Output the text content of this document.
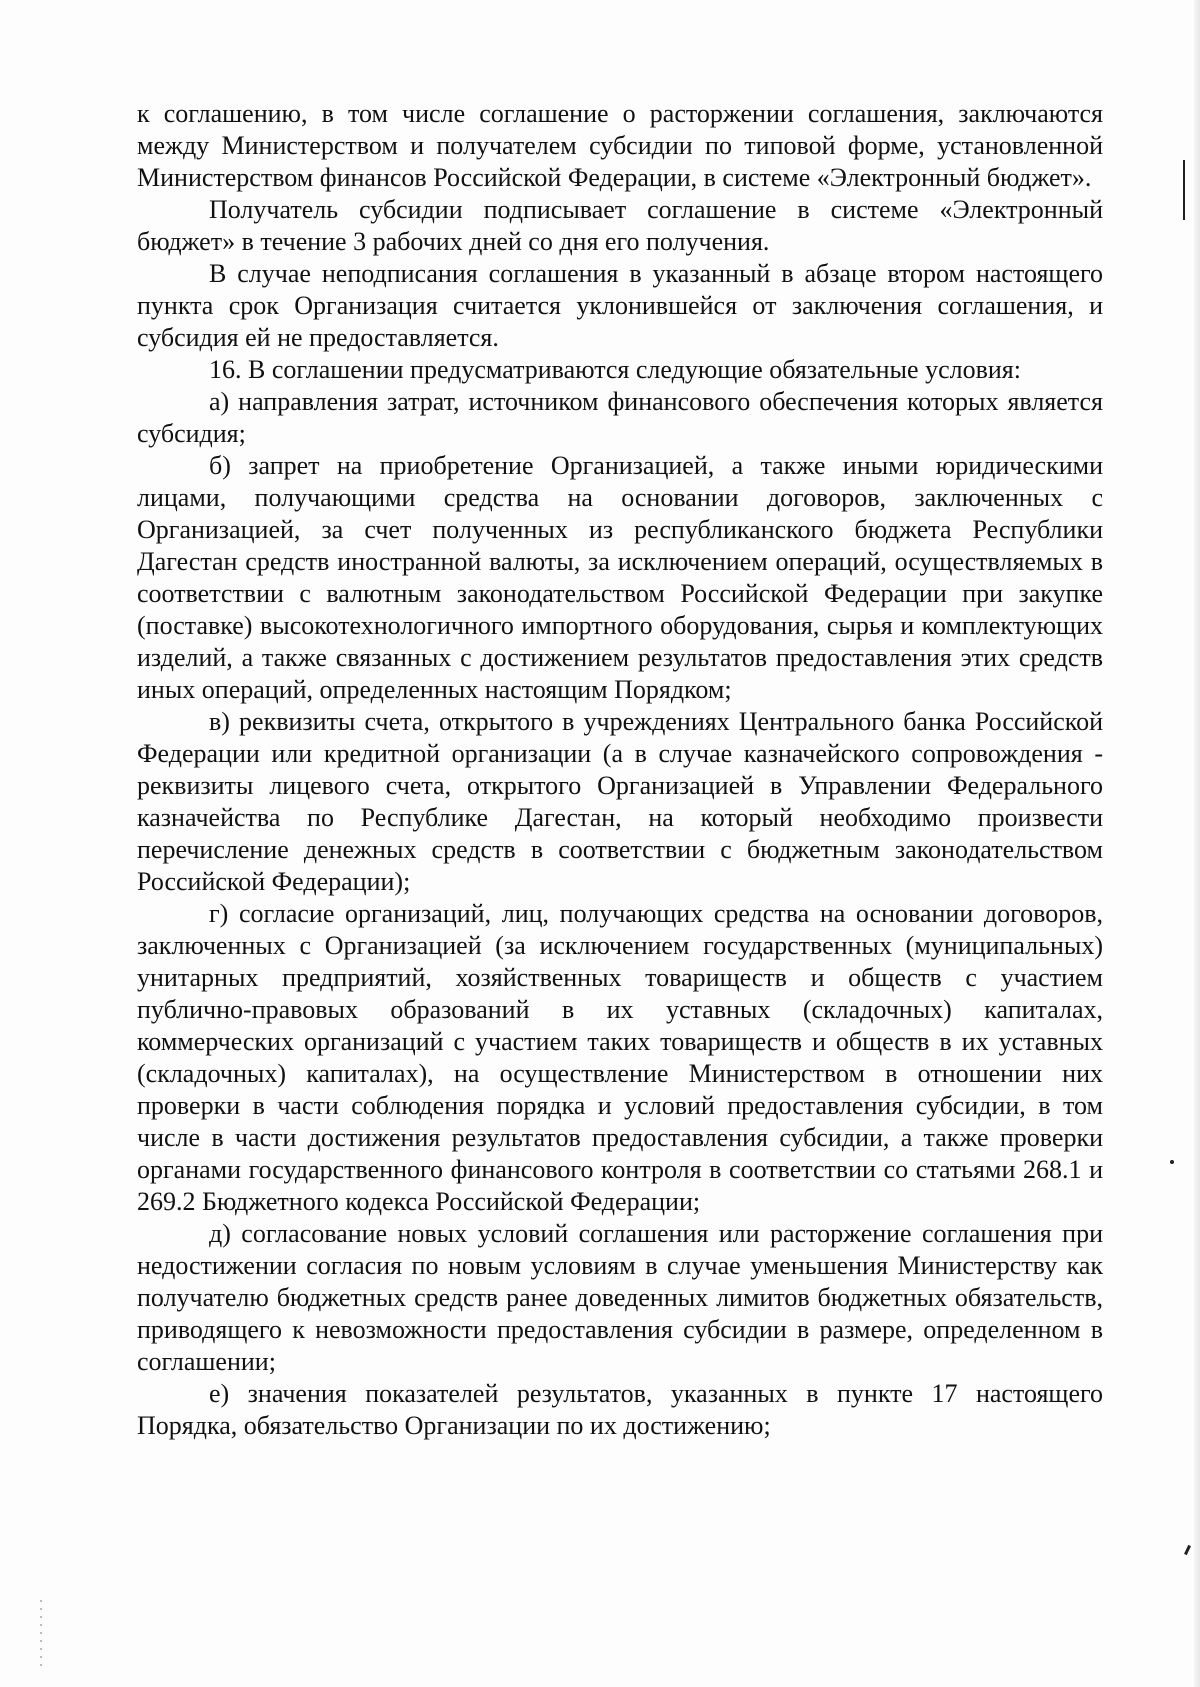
к соглашению, в том числе соглашение о расторжении соглашения, заключаются между Министерством и получателем субсидии по типовой форме, установленной Министерством финансов Российской Федерации, в системе «Электронный бюджет».

Получатель субсидии подписывает соглашение в системе «Электронный бюджет» в течение 3 рабочих дней со дня его получения.

В случае неподписания соглашения в указанный в абзаце втором настоящего пункта срок Организация считается уклонившейся от заключения соглашения, и субсидия ей не предоставляется.

16. В соглашении предусматриваются следующие обязательные условия:

а) направления затрат, источником финансового обеспечения которых является субсидия;

б) запрет на приобретение Организацией, а также иными юридическими лицами, получающими средства на основании договоров, заключенных с Организацией, за счет полученных из республиканского бюджета Республики Дагестан средств иностранной валюты, за исключением операций, осуществляемых в соответствии с валютным законодательством Российской Федерации при закупке (поставке) высокотехнологичного импортного оборудования, сырья и комплектующих изделий, а также связанных с достижением результатов предоставления этих средств иных операций, определенных настоящим Порядком;

в) реквизиты счета, открытого в учреждениях Центрального банка Российской Федерации или кредитной организации (а в случае казначейского сопровождения - реквизиты лицевого счета, открытого Организацией в Управлении Федерального казначейства по Республике Дагестан, на который необходимо произвести перечисление денежных средств в соответствии с бюджетным законодательством Российской Федерации);

г) согласие организаций, лиц, получающих средства на основании договоров, заключенных с Организацией (за исключением государственных (муниципальных) унитарных предприятий, хозяйственных товариществ и обществ с участием публично-правовых образований в их уставных (складочных) капиталах, коммерческих организаций с участием таких товариществ и обществ в их уставных (складочных) капиталах), на осуществление Министерством в отношении них проверки в части соблюдения порядка и условий предоставления субсидии, в том числе в части достижения результатов предоставления субсидии, а также проверки органами государственного финансового контроля в соответствии со статьями 268.1 и 269.2 Бюджетного кодекса Российской Федерации;

д) согласование новых условий соглашения или расторжение соглашения при недостижении согласия по новым условиям в случае уменьшения Министерству как получателю бюджетных средств ранее доведенных лимитов бюджетных обязательств, приводящего к невозможности предоставления субсидии в размере, определенном в соглашении;

е) значения показателей результатов, указанных в пункте 17 настоящего Порядка, обязательство Организации по их достижению;
